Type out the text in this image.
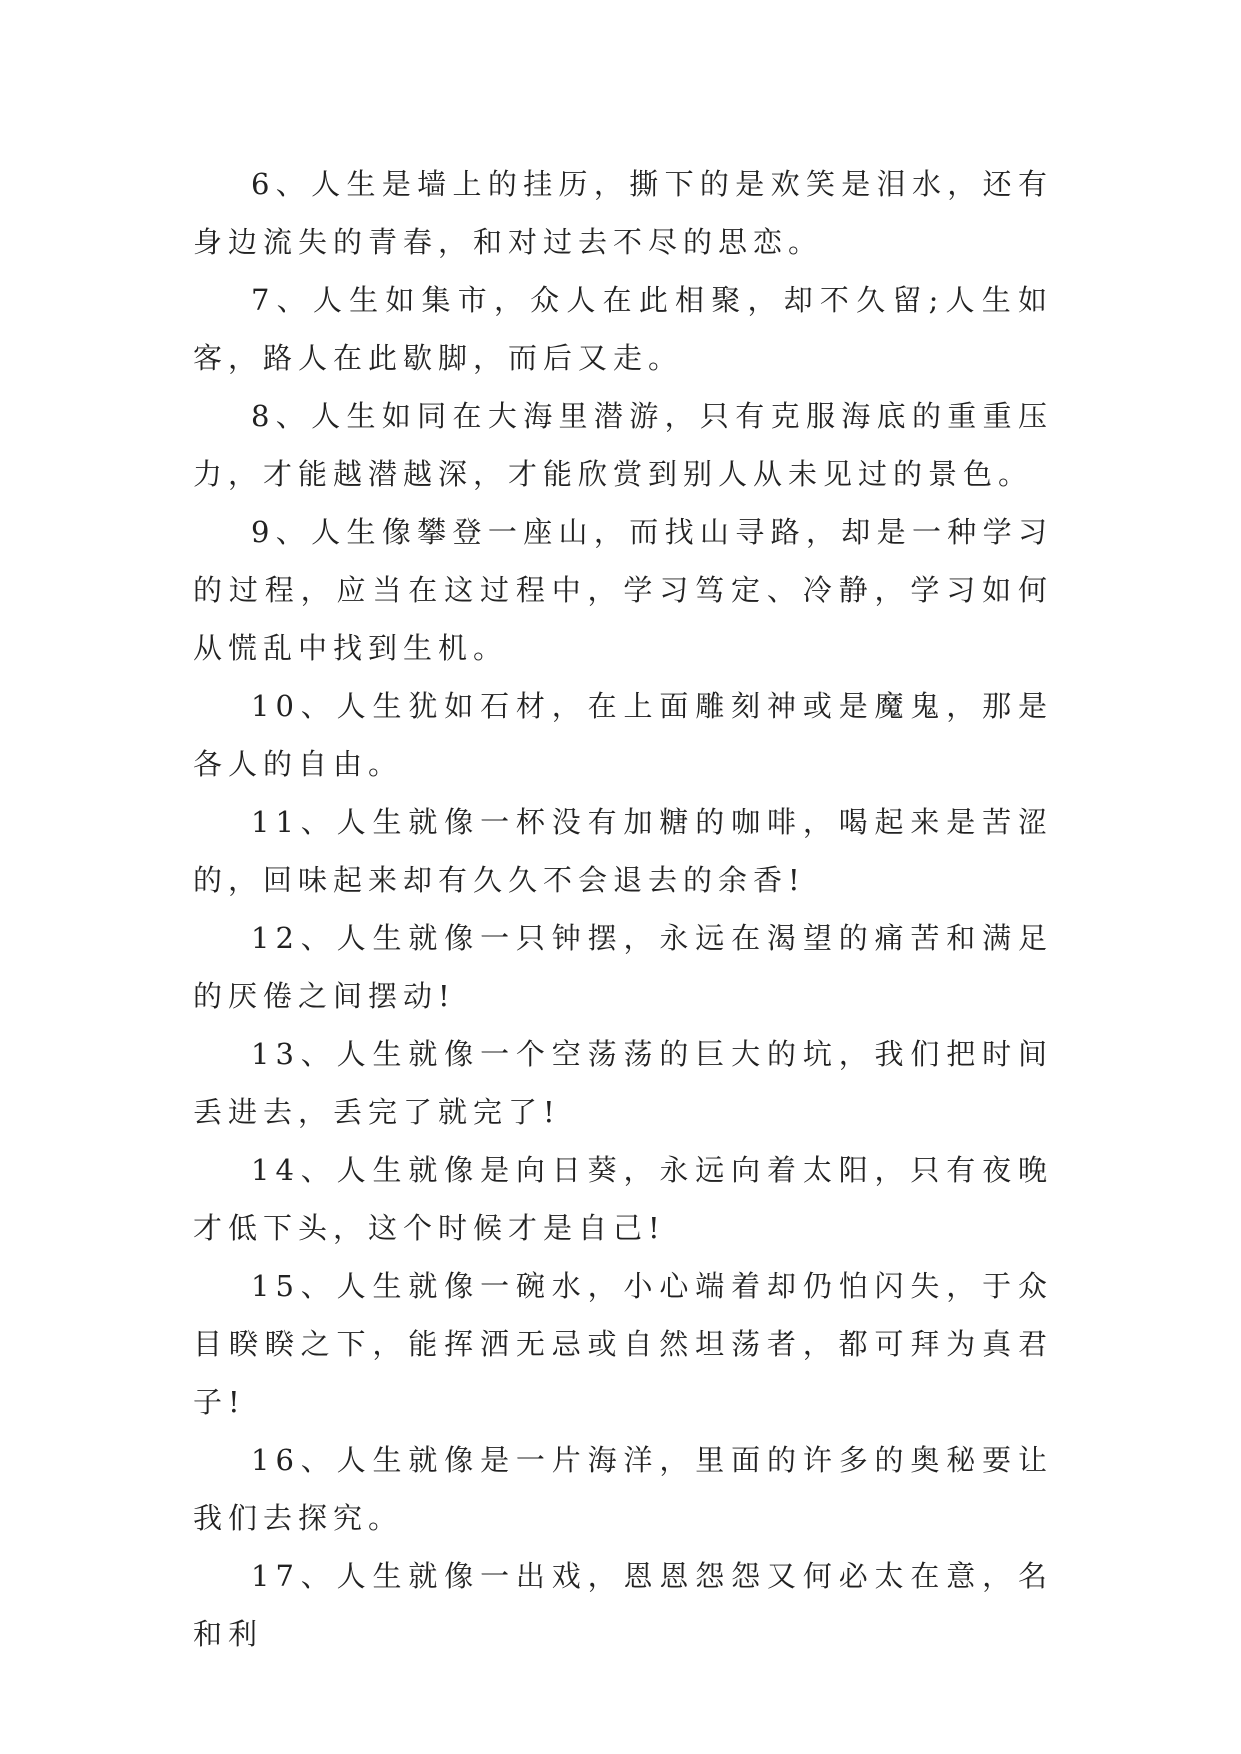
6、人生是墙上的挂历，撕下的是欢笑是泪水，还有身边流失的青春，和对过去不尽的思恋。

7、人生如集市，众人在此相聚，却不久留;人生如客，路人在此歇脚，而后又走。

8、人生如同在大海里潜游，只有克服海底的重重压力，才能越潜越深，才能欣赏到别人从未见过的景色。

9、人生像攀登一座山，而找山寻路，却是一种学习的过程，应当在这过程中，学习笃定、冷静，学习如何从慌乱中找到生机。

10、人生犹如石材，在上面雕刻神或是魔鬼，那是各人的自由。

11、人生就像一杯没有加糖的咖啡，喝起来是苦涩的，回味起来却有久久不会退去的余香!

12、人生就像一只钟摆，永远在渴望的痛苦和满足的厌倦之间摆动!

13、人生就像一个空荡荡的巨大的坑，我们把时间丢进去，丢完了就完了!

14、人生就像是向日葵，永远向着太阳，只有夜晚才低下头，这个时候才是自己!

15、人生就像一碗水，小心端着却仍怕闪失，于众目睽睽之下，能挥洒无忌或自然坦荡者，都可拜为真君子!

16、人生就像是一片海洋，里面的许多的奥秘要让我们去探究。

17、人生就像一出戏，恩恩怨怨又何必太在意，名和利
